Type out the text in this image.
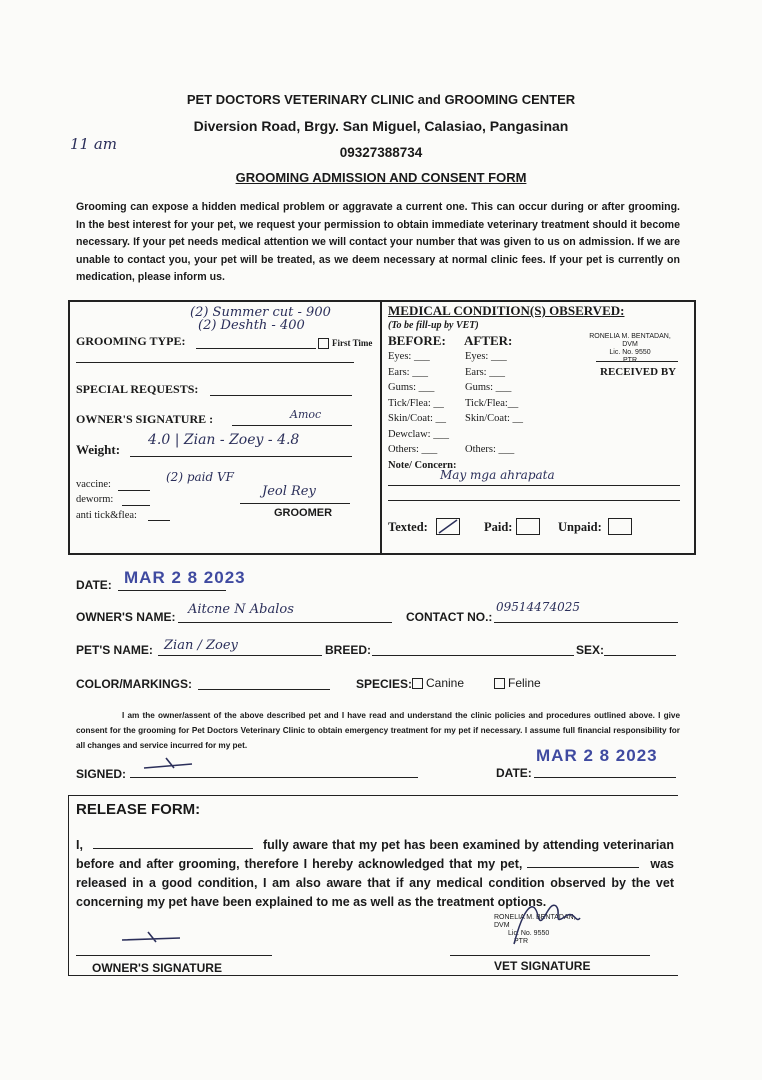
PET DOCTORS VETERINARY CLINIC and GROOMING CENTER
Diversion Road, Brgy. San Miguel, Calasiao, Pangasinan
09327388734
GROOMING ADMISSION AND CONSENT FORM
11 am
Grooming can expose a hidden medical problem or aggravate a current one. This can occur during or after grooming. In the best interest for your pet, we request your permission to obtain immediate veterinary treatment should it become necessary. If your pet needs medical attention we will contact your number that was given to us on admission. If we are unable to contact you, your pet will be treated, as we deem necessary at normal clinic fees. If your pet is currently on medication, please inform us.
GROOMING TYPE:
(2) Summer cut - 900
(2) Deshth - 400
First Time
SPECIAL REQUESTS:
OWNER'S SIGNATURE :	Amoc
Weight:
4.0 | Zian - Zoey - 4.8
vaccine:
(2) paid VF
deworm:
anti tick&flea:
Jeol Rey
GROOMER
MEDICAL CONDITION(S) OBSERVED:
(To be fill-up by VET)
BEFORE: AFTER:
Eyes: ___	Eyes: ___
Ears: ___	Ears: ___
Gums: ___	Gums: ___
Tick/Flea: __ Tick/Flea:__
Skin/Coat: __ Skin/Coat: __
Dewclaw: ___
Others: ___	Others: ___
Note/ Concern:
May mga ahrapata
Texted:	Paid:	Unpaid:
RONELIA M. BENTADAN, DVM
Lic. No. 9550
PTR
RECEIVED BY
DATE: MAR 2 8 2023
OWNER'S NAME: Aitcne N Abalos	CONTACT NO.:
09514474025
PET'S NAME: Zian / Zoey	BREED:	SEX:
COLOR/MARKINGS:	SPECIES:	Canine	Feline
I am the owner/assent of the above described pet and I have read and understand the clinic policies and procedures outlined above. I give consent for the grooming for Pet Doctors Veterinary Clinic to obtain emergency treatment for my pet if necessary. I assume full financial responsibility for all changes and service incurred for my pet.
SIGNED:	DATE:
MAR 2 8 2023
RELEASE FORM:
I,	fully aware that my pet has been examined by attending veterinarian before and after grooming, therefore I hereby acknowledged that my pet,	was released in a good condition, I am also aware that if any medical condition observed by the vet concerning my pet have been explained to me as well as the treatment options.
OWNER'S SIGNATURE	VET SIGNATURE
RONELIA M. BENTADAN, DVM
Lic. No. 9550
PTR
